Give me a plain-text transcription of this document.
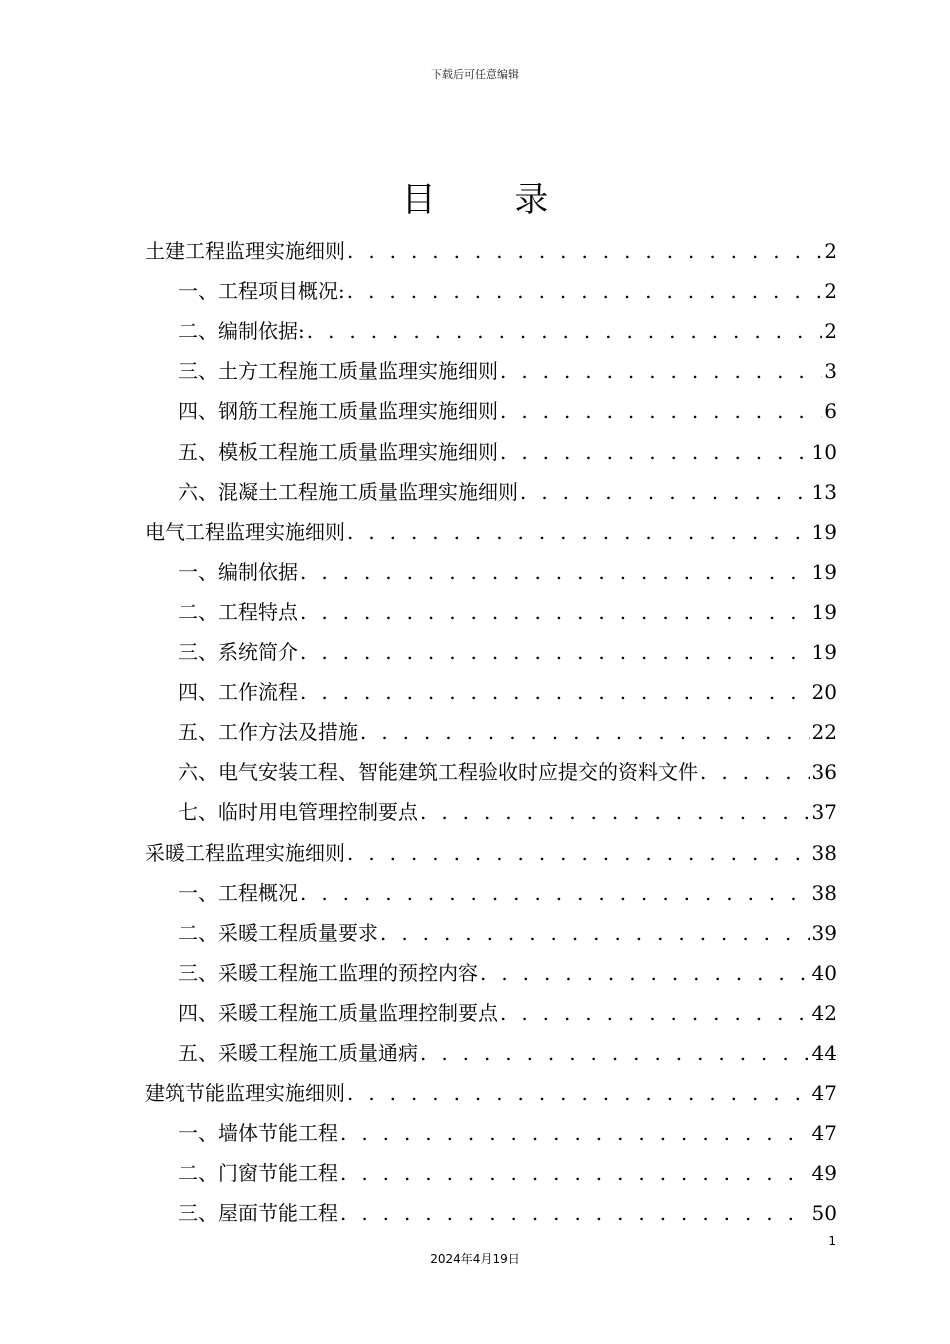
下载后可任意编辑
目 录
土建工程监理实施细则 . . .	2
一、工程项目概况: . . .	2
二、编制依据: . . .	2
三、土方工程施工质量监理实施细则 . . .	3
四、钢筋工程施工质量监理实施细则 . . .	6
五、模板工程施工质量监理实施细则 . . .	10
六、混凝土工程施工质量监理实施细则 . . .	13
电气工程监理实施细则 . . .	19
一、编制依据 . . .	19
二、工程特点 . . .	19
三、系统简介 . . .	19
四、工作流程 . . .	20
五、工作方法及措施 . . .	22
六、电气安装工程、智能建筑工程验收时应提交的资料文件 . . .	36
七、临时用电管理控制要点 . . .	37
采暖工程监理实施细则 . . .	38
一、工程概况 . . .	38
二、采暖工程质量要求 . . .	39
三、采暖工程施工监理的预控内容 . . .	40
四、采暖工程施工质量监理控制要点 . . .	42
五、采暖工程施工质量通病 . . .	44
建筑节能监理实施细则 . . .	47
一、墙体节能工程 . . .	47
二、门窗节能工程 . . .	49
三、屋面节能工程 . . .	50
1
2024年4月19日
